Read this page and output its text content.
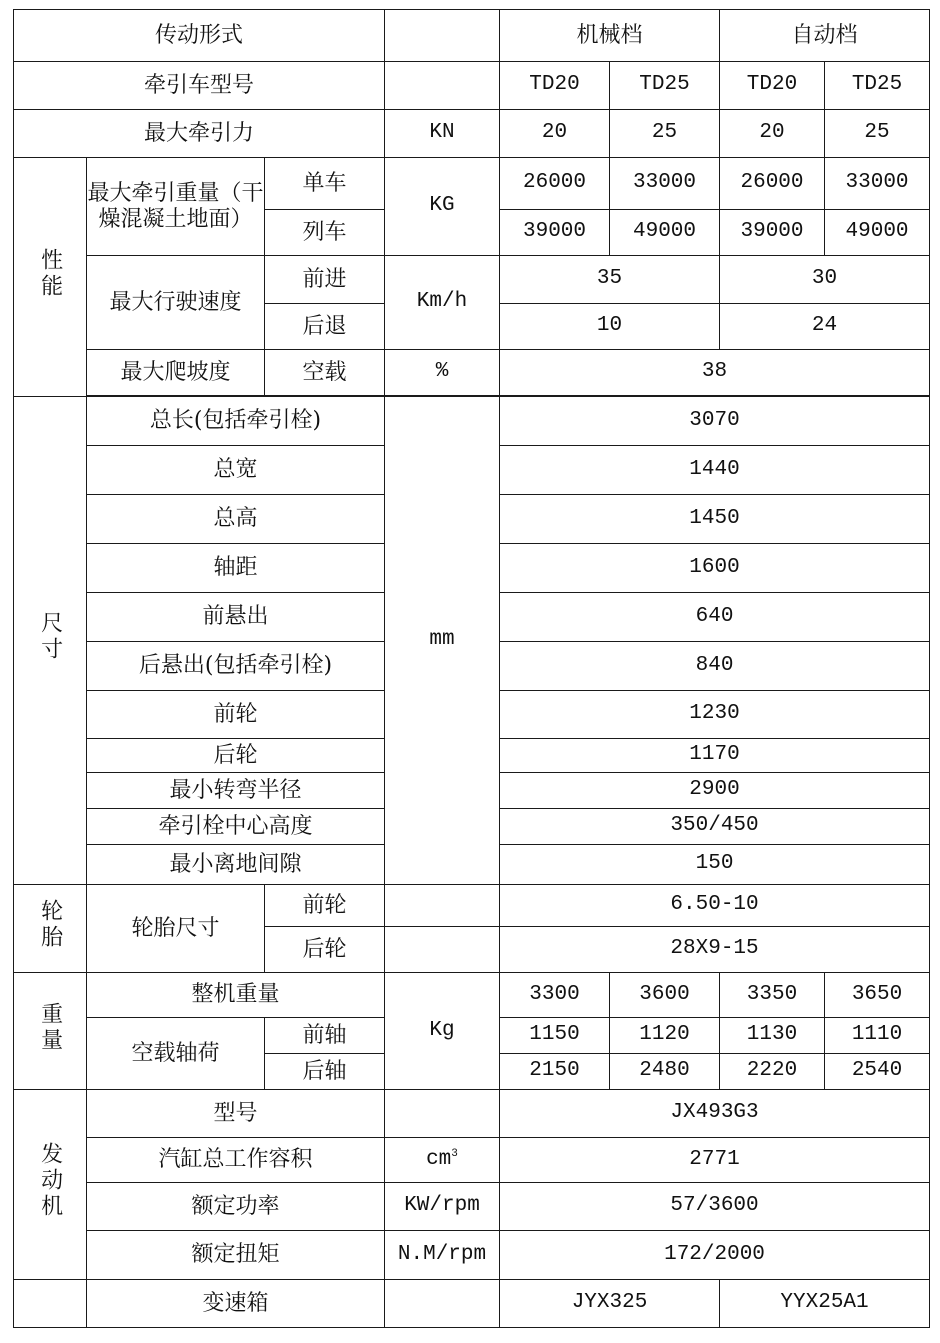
传动形式				机械档		自动档	
牵引车型号				TD20	TD25	TD20	TD25
最大牵引力			KN	20	25	20	25
性能	最大牵引重量（干燥混凝土地面）	单车	KG	26000	33000	26000	33000
		列车		39000	49000	39000	49000
	最大行驶速度	前进	Km/h	35		30	
		后退		10		24	
	最大爬坡度	空载	%	38			

尺寸	总长(包括牵引栓)		mm	3070			
	总宽			1440			
	总高			1450			
	轴距			1600			
	前悬出			640			
	后悬出(包括牵引栓)			840			
	前轮			1230			
	后轮			1170			
	最小转弯半径			2900			
	牵引栓中心高度			350/450			
	最小离地间隙			150			
轮胎	轮胎尺寸	前轮		6.50-10			
		后轮		28X9-15			
重量	整机重量		Kg	3300	3600	3350	3650
	空载轴荷	前轴		1150	1120	1130	1110
		后轴		2150	2480	2220	2540
发动机	型号			JX493G3			
	汽缸总工作容积		$cm^3$	2771			
	额定功率		KW/rpm	57/3600			
	额定扭矩		N.M/rpm	172/2000			
	变速箱			JYX325		YYX25A1	
